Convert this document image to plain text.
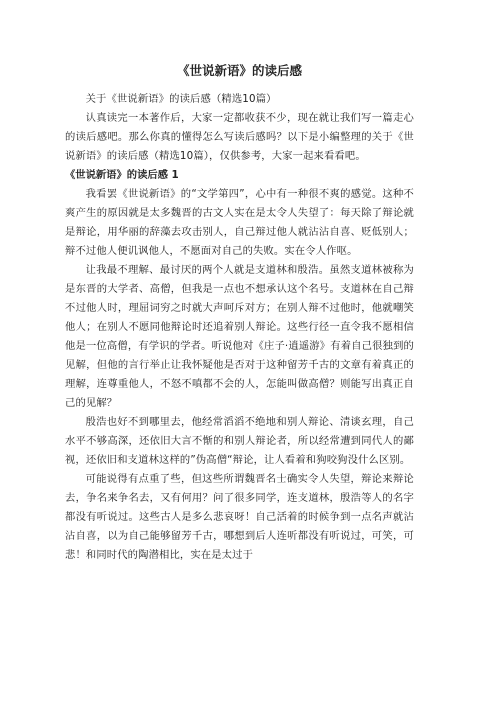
《世说新语》的读后感

关于《世说新语》的读后感（精选10篇）

认真读完一本著作后，大家一定都收获不少，现在就让我们写一篇走心的读后感吧。那么你真的懂得怎么写读后感吗？以下是小编整理的关于《世说新语》的读后感（精选10篇），仅供参考，大家一起来看看吧。

《世说新语》的读后感 1

我看罢《世说新语》的“文学第四”，心中有一种很不爽的感觉。这种不爽产生的原因就是太多魏晋的古文人实在是太令人失望了：每天除了辩论就是辩论，用华丽的辞藻去攻击别人，自己辩过他人就沾沾自喜、贬低别人；辩不过他人便讥讽他人，不愿面对自己的失败。实在令人作呕。

让我最不理解、最讨厌的两个人就是支道林和殷浩。虽然支道林被称为是东晋的大学者、高僧，但我是一点也不想承认这个名号。支道林在自己辩不过他人时，理屈词穷之时就大声呵斥对方；在别人辩不过他时，他就嘲笑他人；在别人不愿同他辩论时还追着别人辩论。这些行径一直令我不愿相信他是一位高僧，有学识的学者。听说他对《庄子·逍遥游》有着自己很独到的见解，但他的言行举止让我怀疑他是否对于这种留芳千古的文章有着真正的理解，连尊重他人，不怒不嗔都不会的人，怎能叫做高僧？则能写出真正自己的见解？

殷浩也好不到哪里去，他经常滔滔不绝地和别人辩论、清谈玄理，自己水平不够高深，还依旧大言不惭的和别人辩论者，所以经常遭到同代人的鄙视，还依旧和支道林这样的”伪高僧“辩论，让人看着和狗咬狗没什么区别。

可能说得有点重了些，但这些所谓魏晋名士确实令人失望，辩论来辩论去，争名来争名去，又有何用？问了很多同学，连支道林，殷浩等人的名字都没有听说过。这些古人是多么悲哀呀！自己活着的时候争到一点名声就沾沾自喜，以为自己能够留芳千古，哪想到后人连听都没有听说过，可笑，可悲！和同时代的陶潜相比，实在是太过于
